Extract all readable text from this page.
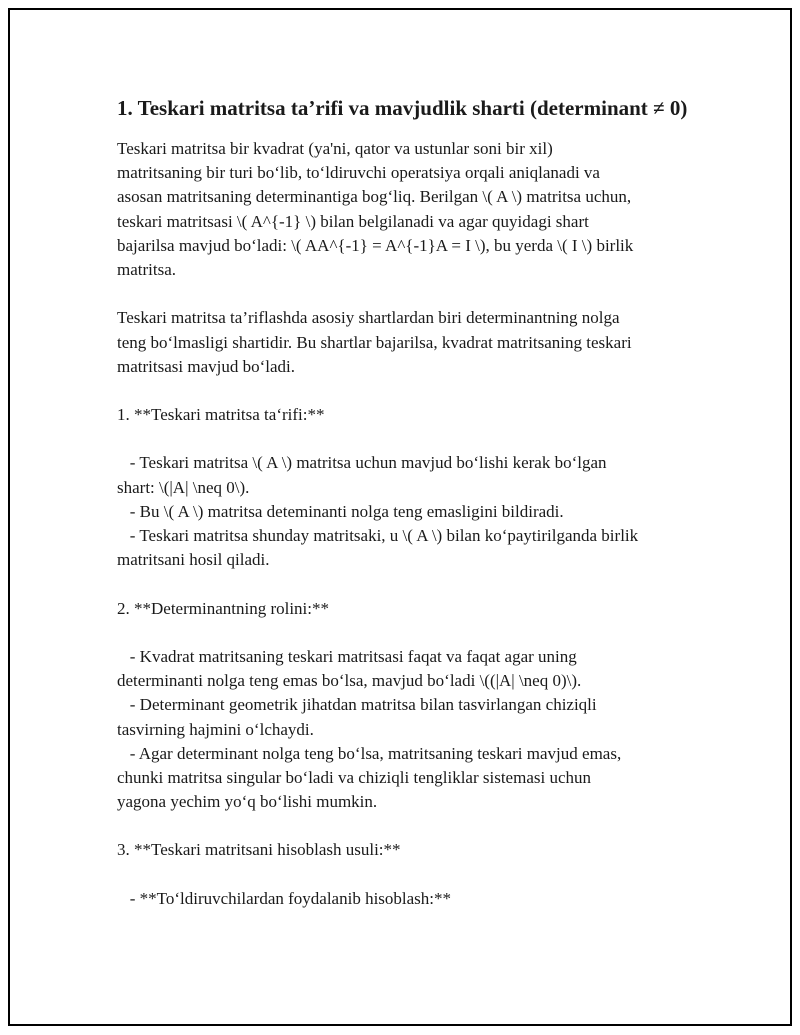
1. Teskari matritsa ta’rifi va mavjudlik sharti (determinant ≠ 0)
Teskari matritsa bir kvadrat (ya'ni, qator va ustunlar soni bir xil)
matritsaning bir turi bo‘lib, to‘ldiruvchi operatsiya orqali aniqlanadi va
asosan matritsaning determinantiga bog‘liq. Berilgan \( A \) matritsa uchun,
teskari matritsasi \( A^{-1} \) bilan belgilanadi va agar quyidagi shart
bajarilsa mavjud bo‘ladi: \( AA^{-1} = A^{-1}A = I \), bu yerda \( I \) birlik
matritsa.
Teskari matritsa ta’riflashda asosiy shartlardan biri determinantning nolga
teng bo‘lmasligi shartidir. Bu shartlar bajarilsa, kvadrat matritsaning teskari
matritsasi mavjud bo‘ladi.
1. **Teskari matritsa ta‘rifi:**
- Teskari matritsa \( A \) matritsa uchun mavjud bo‘lishi kerak bo‘lgan
shart: \(|A| \neq 0\).
- Bu \( A \) matritsa deteminanti nolga teng emasligini bildiradi.
- Teskari matritsa shunday matritsaki, u \( A \) bilan ko‘paytirilganda birlik
matritsani hosil qiladi.
2. **Determinantning rolini:**
- Kvadrat matritsaning teskari matritsasi faqat va faqat agar uning
determinanti nolga teng emas bo‘lsa, mavjud bo‘ladi \((|A| \neq 0)\).
- Determinant geometrik jihatdan matritsa bilan tasvirlangan chiziqli
tasvirning hajmini o‘lchaydi.
- Agar determinant nolga teng bo‘lsa, matritsaning teskari mavjud emas,
chunki matritsa singular bo‘ladi va chiziqli tengliklar sistemasi uchun
yagona yechim yo‘q bo‘lishi mumkin.
3. **Teskari matritsani hisoblash usuli:**
- **To‘ldiruvchilardan foydalanib hisoblash:**
